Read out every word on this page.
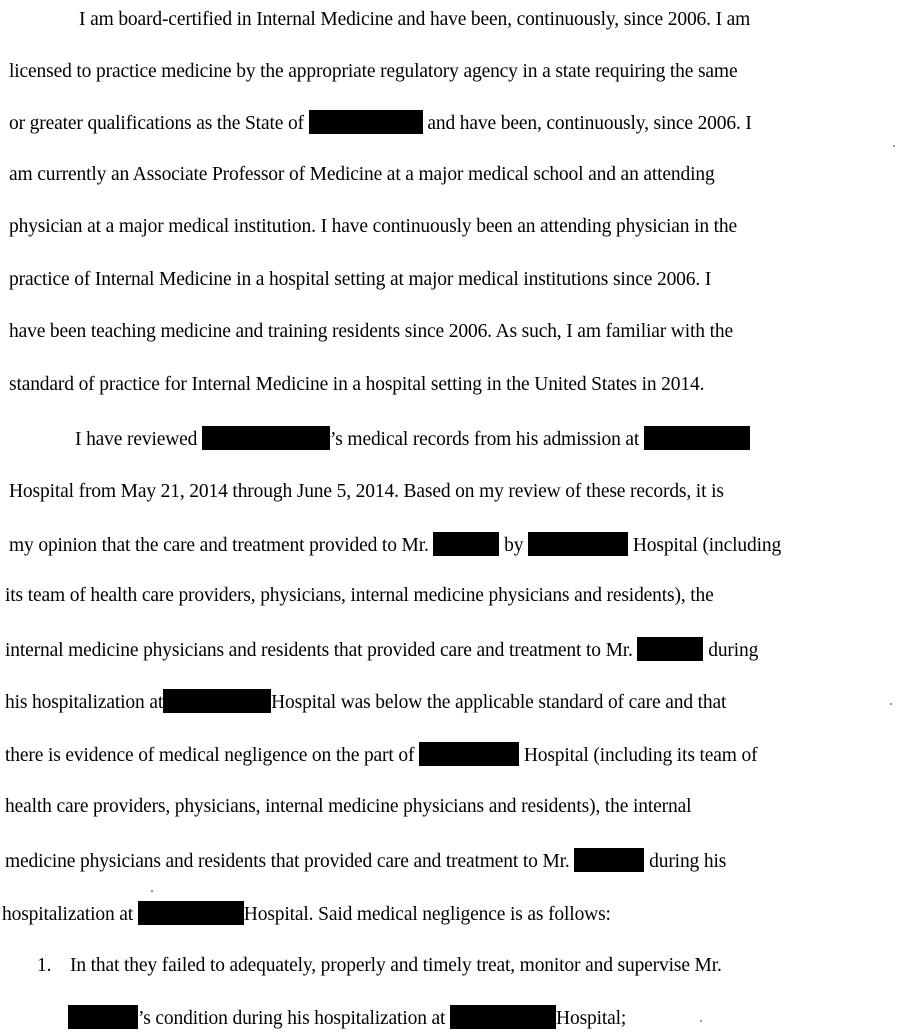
I am board-certified in Internal Medicine and have been, continuously, since 2006. I am
licensed to practice medicine by the appropriate regulatory agency in a state requiring the same
or greater qualifications as the State of	and have been, continuously, since 2006. I
am currently an Associate Professor of Medicine at a major medical school and an attending
physician at a major medical institution. I have continuously been an attending physician in the
practice of Internal Medicine in a hospital setting at major medical institutions since 2006. I
have been teaching medicine and training residents since 2006. As such, I am familiar with the
standard of practice for Internal Medicine in a hospital setting in the United States in 2014.
I have reviewed	’s medical records from his admission at
Hospital from May 21, 2014 through June 5, 2014. Based on my review of these records, it is
my opinion that the care and treatment provided to Mr.	by	Hospital (including
its team of health care providers, physicians, internal medicine physicians and residents), the
internal medicine physicians and residents that provided care and treatment to Mr.	during
his hospitalization at	Hospital was below the applicable standard of care and that
there is evidence of medical negligence on the part of	Hospital (including its team of
health care providers, physicians, internal medicine physicians and residents), the internal
medicine physicians and residents that provided care and treatment to Mr.	during his
hospitalization at	Hospital. Said medical negligence is as follows:
1. In that they failed to adequately, properly and timely treat, monitor and supervise Mr.
’s condition during his hospitalization at	Hospital;
